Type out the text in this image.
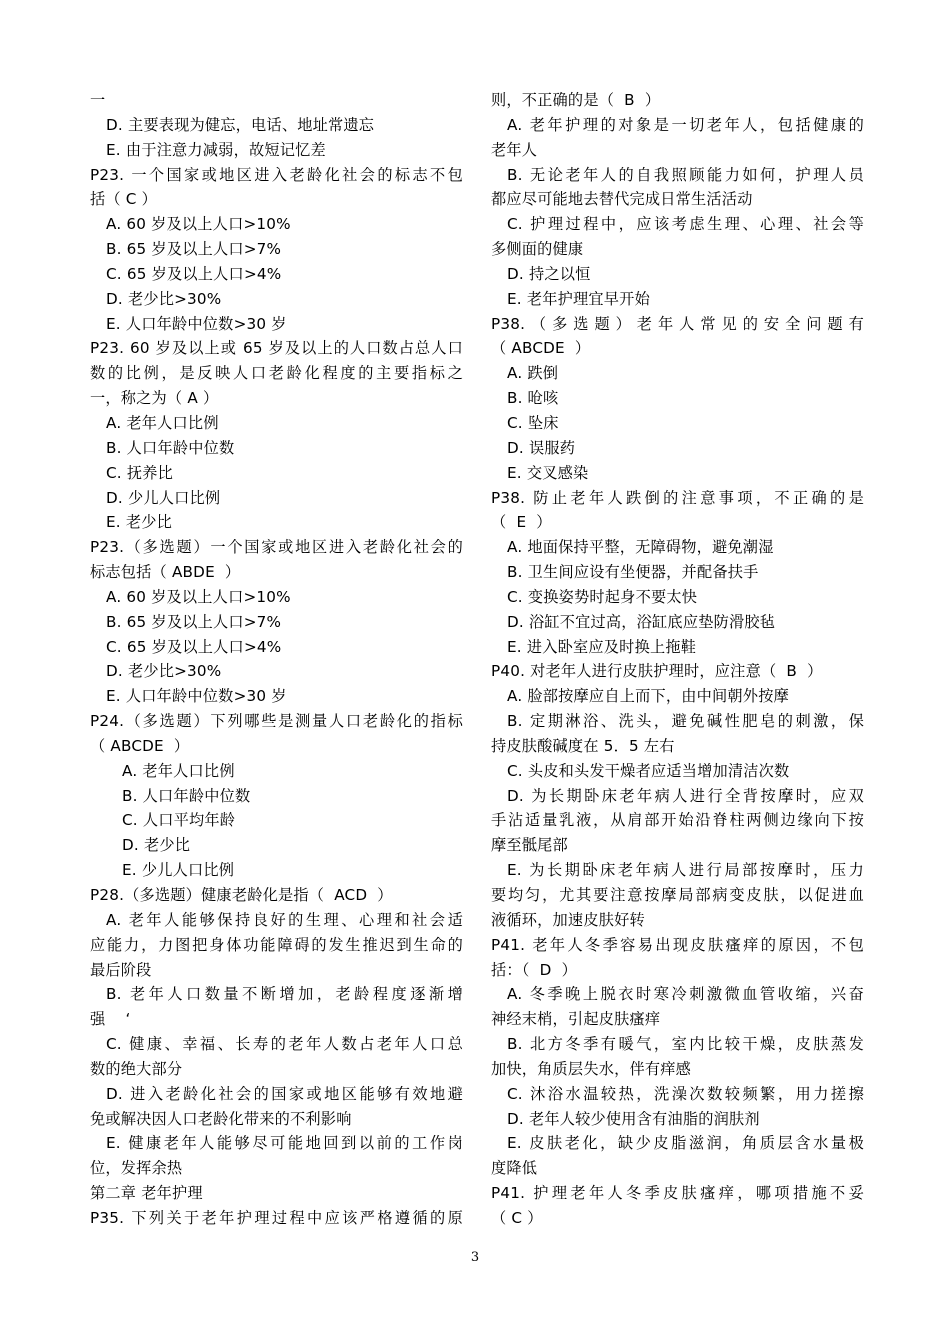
一
D. 主要表现为健忘，电话、地址常遗忘
E. 由于注意力减弱，故短记忆差
P23. 一个国家或地区进入老龄化社会的标志不包
括（ C ）
A. 60 岁及以上人口>10%
B. 65 岁及以上人口>7%
C. 65 岁及以上人口>4%
D. 老少比>30%
E. 人口年龄中位数>30 岁
P23. 60 岁及以上或 65 岁及以上的人口数占总人口
数的比例，是反映人口老龄化程度的主要指标之
一，称之为（ A ）
A. 老年人口比例
B. 人口年龄中位数
C. 抚养比
D. 少儿人口比例
E. 老少比
P23.（多选题）一个国家或地区进入老龄化社会的
标志包括（ ABDE  ）
A. 60 岁及以上人口>10%
B. 65 岁及以上人口>7%
C. 65 岁及以上人口>4%
D. 老少比>30%
E. 人口年龄中位数>30 岁
P24.（多选题）下列哪些是测量人口老龄化的指标
（ ABCDE  ）
A. 老年人口比例
B. 人口年龄中位数
C. 人口平均年龄
D. 老少比
E. 少儿人口比例
P28.（多选题）健康老龄化是指（  ACD  ）
A. 老年人能够保持良好的生理、心理和社会适
应能力，力图把身体功能障碍的发生推迟到生命的
最后阶段
B. 老年人口数量不断增加，老龄程度逐渐增
强    ‘
C. 健康、幸福、长寿的老年人数占老年人口总
数的绝大部分
D. 进入老龄化社会的国家或地区能够有效地避
免或解决因人口老龄化带来的不利影响
E. 健康老年人能够尽可能地回到以前的工作岗
位，发挥余热
第二章 老年护理
P35. 下列关于老年护理过程中应该严格遵循的原
则，不正确的是（  B  ）
A. 老年护理的对象是一切老年人，包括健康的
老年人
B. 无论老年人的自我照顾能力如何，护理人员
都应尽可能地去替代完成日常生活活动
C. 护理过程中，应该考虑生理、心理、社会等
多侧面的健康
D. 持之以恒
E. 老年护理宜早开始
P38.（多选题）老年人常见的安全问题有
（ ABCDE  ）
A. 跌倒
B. 呛咳
C. 坠床
D. 误服药
E. 交叉感染
P38. 防止老年人跌倒的注意事项，不正确的是
（  E  ）
A. 地面保持平整，无障碍物，避免潮湿
B. 卫生间应设有坐便器，并配备扶手
C. 变换姿势时起身不要太快
D. 浴缸不宜过高，浴缸底应垫防滑胶毡
E. 进入卧室应及时换上拖鞋
P40. 对老年人进行皮肤护理时，应注意（  B  ）
A. 脸部按摩应自上而下，由中间朝外按摩
B. 定期淋浴、洗头，避免碱性肥皂的刺激，保
持皮肤酸碱度在 5．5 左右
C. 头皮和头发干燥者应适当增加清洁次数
D. 为长期卧床老年病人进行全背按摩时，应双
手沾适量乳液，从肩部开始沿脊柱两侧边缘向下按
摩至骶尾部
E. 为长期卧床老年病人进行局部按摩时，压力
要均匀，尤其要注意按摩局部病变皮肤，以促进血
液循环，加速皮肤好转
P41. 老年人冬季容易出现皮肤瘙痒的原因，不包
括：（  D  ）
A. 冬季晚上脱衣时寒冷刺激微血管收缩，兴奋
神经末梢，引起皮肤瘙痒
B. 北方冬季有暖气，室内比较干燥，皮肤蒸发
加快，角质层失水，伴有痒感
C. 沐浴水温较热，洗澡次数较频繁，用力搓擦
D. 老年人较少使用含有油脂的润肤剂
E. 皮肤老化，缺少皮脂滋润，角质层含水量极
度降低
P41. 护理老年人冬季皮肤瘙痒，哪项措施不妥
（ C ）
3
